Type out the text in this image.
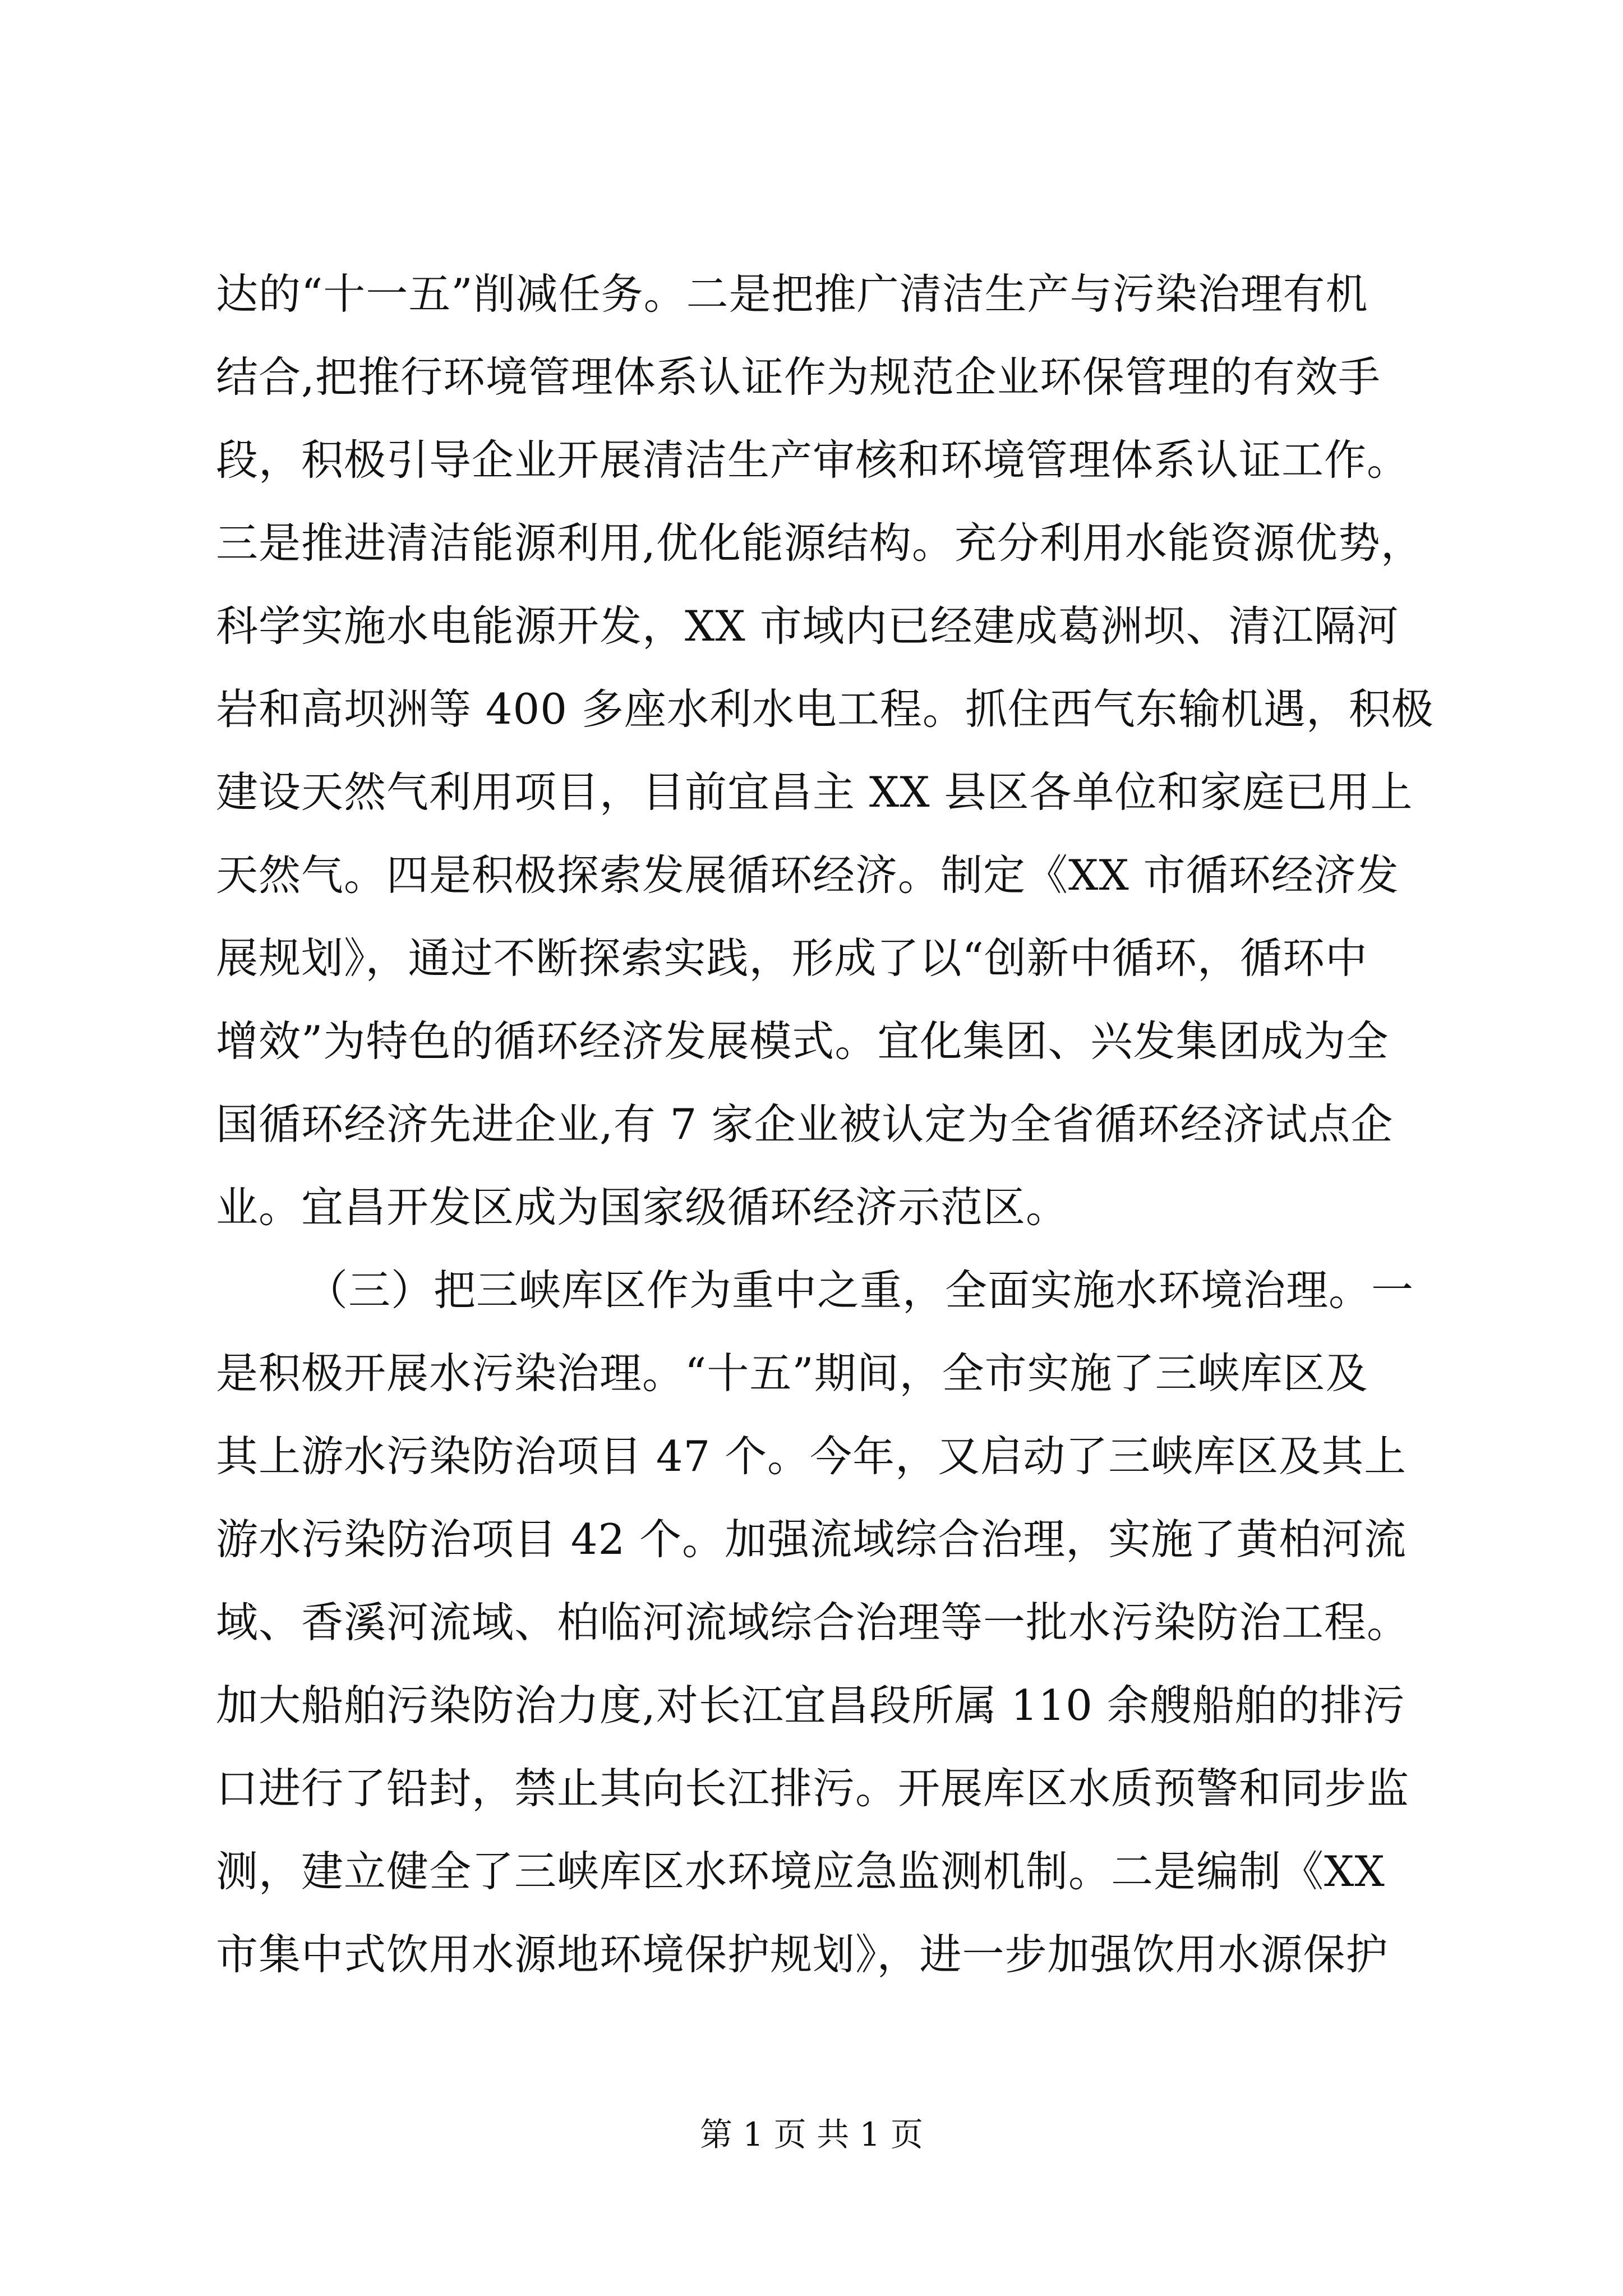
达的“十一五”削减任务。二是把推广清洁生产与污染治理有机
结合,把推行环境管理体系认证作为规范企业环保管理的有效手
段，积极引导企业开展清洁生产审核和环境管理体系认证工作。
三是推进清洁能源利用,优化能源结构。充分利用水能资源优势，
科学实施水电能源开发，XX 市域内已经建成葛洲坝、清江隔河
岩和高坝洲等 400 多座水利水电工程。抓住西气东输机遇，积极
建设天然气利用项目，目前宜昌主 XX 县区各单位和家庭已用上
天然气。四是积极探索发展循环经济。制定《XX 市循环经济发
展规划》，通过不断探索实践，形成了以“创新中循环，循环中
增效”为特色的循环经济发展模式。宜化集团、兴发集团成为全
国循环经济先进企业,有 7 家企业被认定为全省循环经济试点企
业。宜昌开发区成为国家级循环经济示范区。
（三）把三峡库区作为重中之重，全面实施水环境治理。一
是积极开展水污染治理。“十五”期间，全市实施了三峡库区及
其上游水污染防治项目 47 个。今年，又启动了三峡库区及其上
游水污染防治项目 42 个。加强流域综合治理，实施了黄柏河流
域、香溪河流域、柏临河流域综合治理等一批水污染防治工程。
加大船舶污染防治力度,对长江宜昌段所属 110 余艘船舶的排污
口进行了铅封，禁止其向长江排污。开展库区水质预警和同步监
测，建立健全了三峡库区水环境应急监测机制。二是编制《XX
市集中式饮用水源地环境保护规划》，进一步加强饮用水源保护
第 1 页 共 1 页
